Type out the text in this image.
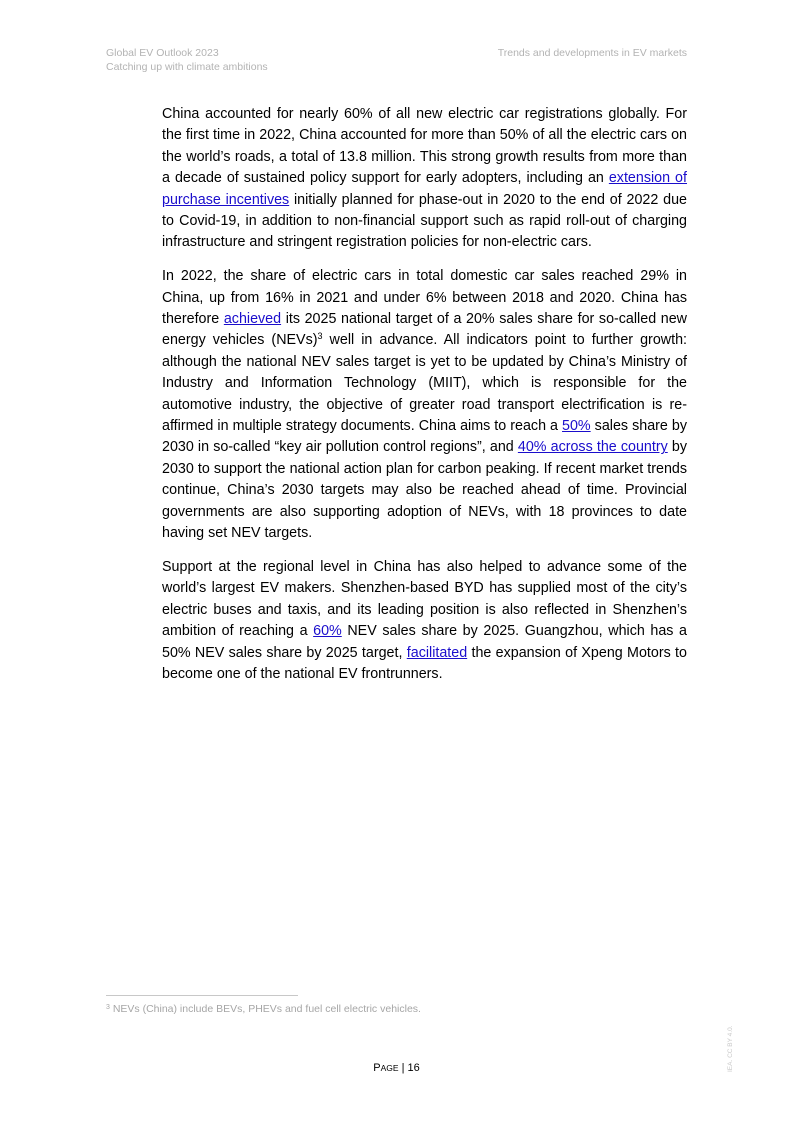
Global EV Outlook 2023
Catching up with climate ambitions
Trends and developments in EV markets

China accounted for nearly 60% of all new electric car registrations globally. For the first time in 2022, China accounted for more than 50% of all the electric cars on the world’s roads, a total of 13.8 million. This strong growth results from more than a decade of sustained policy support for early adopters, including an extension of purchase incentives initially planned for phase-out in 2020 to the end of 2022 due to Covid-19, in addition to non-financial support such as rapid roll-out of charging infrastructure and stringent registration policies for non-electric cars.

In 2022, the share of electric cars in total domestic car sales reached 29% in China, up from 16% in 2021 and under 6% between 2018 and 2020. China has therefore achieved its 2025 national target of a 20% sales share for so-called new energy vehicles (NEVs)$^3$ well in advance. All indicators point to further growth: although the national NEV sales target is yet to be updated by China’s Ministry of Industry and Information Technology (MIIT), which is responsible for the automotive industry, the objective of greater road transport electrification is re-affirmed in multiple strategy documents. China aims to reach a 50% sales share by 2030 in so-called “key air pollution control regions”, and 40% across the country by 2030 to support the national action plan for carbon peaking. If recent market trends continue, China’s 2030 targets may also be reached ahead of time. Provincial governments are also supporting adoption of NEVs, with 18 provinces to date having set NEV targets.

Support at the regional level in China has also helped to advance some of the world’s largest EV makers. Shenzhen-based BYD has supplied most of the city’s electric buses and taxis, and its leading position is also reflected in Shenzhen’s ambition of reaching a 60% NEV sales share by 2025. Guangzhou, which has a 50% NEV sales share by 2025 target, facilitated the expansion of Xpeng Motors to become one of the national EV frontrunners.

$^3$ NEVs (China) include BEVs, PHEVs and fuel cell electric vehicles.
PAGE | 16	IEA. CC BY 4.0.
